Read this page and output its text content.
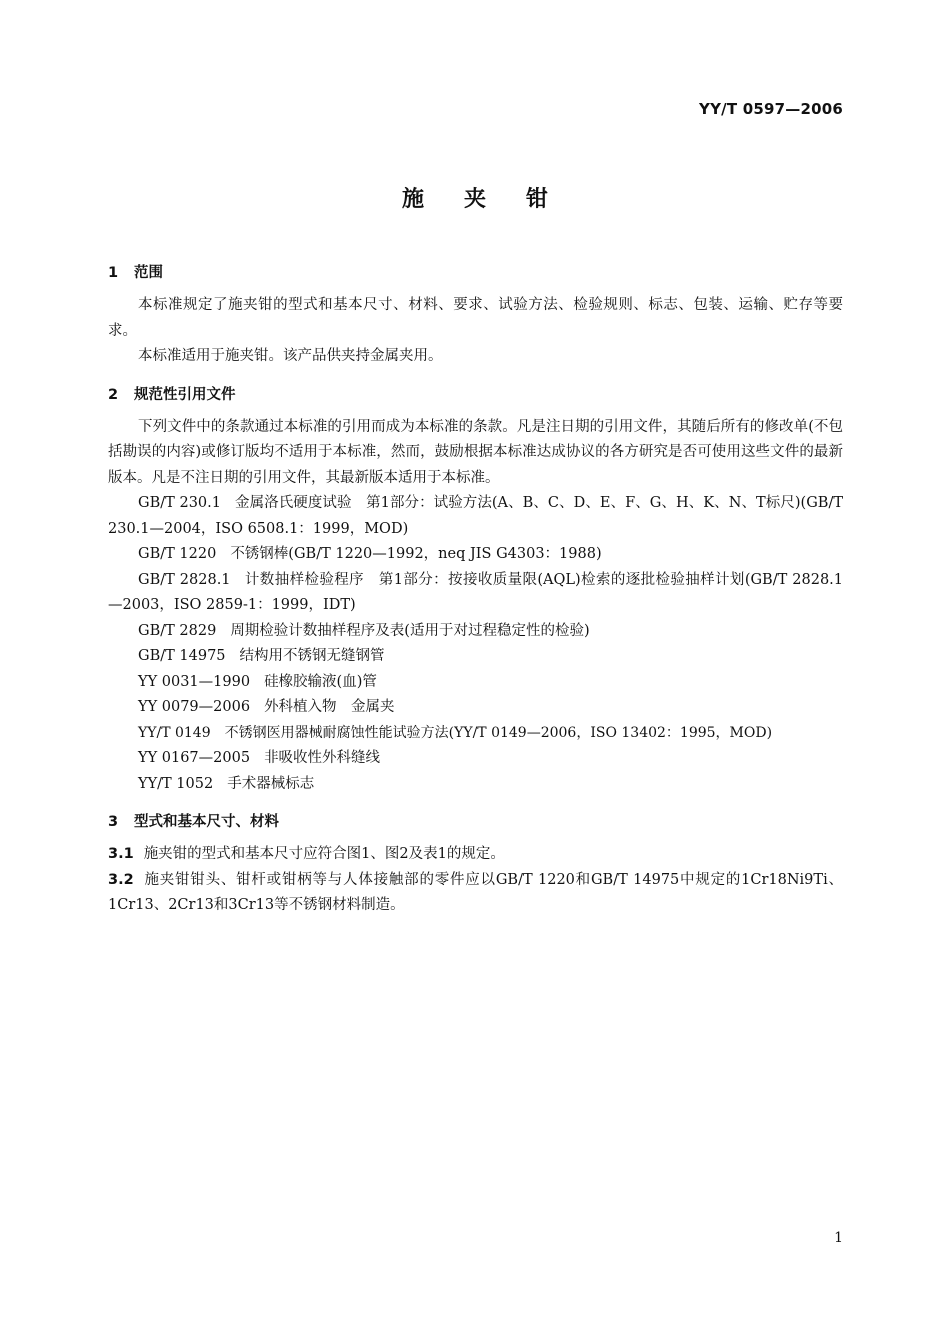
YY/T 0597—2006
施夹钳
1 范围
本标准规定了施夹钳的型式和基本尺寸、材料、要求、试验方法、检验规则、标志、包装、运输、贮存等要求。
本标准适用于施夹钳。该产品供夹持金属夹用。
2 规范性引用文件
下列文件中的条款通过本标准的引用而成为本标准的条款。凡是注日期的引用文件，其随后所有的修改单(不包括勘误的内容)或修订版均不适用于本标准，然而，鼓励根据本标准达成协议的各方研究是否可使用这些文件的最新版本。凡是不注日期的引用文件，其最新版本适用于本标准。
GB/T 230.1 金属洛氏硬度试验　第1部分：试验方法(A、B、C、D、E、F、G、H、K、N、T标尺)(GB/T 230.1—2004，ISO 6508.1：1999，MOD)
GB/T 1220 不锈钢棒(GB/T 1220—1992，neq JIS G4303：1988)
GB/T 2828.1 计数抽样检验程序　第1部分：按接收质量限(AQL)检索的逐批检验抽样计划(GB/T 2828.1—2003，ISO 2859-1：1999，IDT)
GB/T 2829 周期检验计数抽样程序及表(适用于对过程稳定性的检验)
GB/T 14975 结构用不锈钢无缝钢管
YY 0031—1990 硅橡胶输液(血)管
YY 0079—2006 外科植入物　金属夹
YY/T 0149 不锈钢医用器械耐腐蚀性能试验方法(YY/T 0149—2006，ISO 13402：1995，MOD)
YY 0167—2005 非吸收性外科缝线
YY/T 1052 手术器械标志
3 型式和基本尺寸、材料
3.1 施夹钳的型式和基本尺寸应符合图1、图2及表1的规定。
3.2 施夹钳钳头、钳杆或钳柄等与人体接触部的零件应以GB/T 1220和GB/T 14975中规定的1Cr18Ni9Ti、1Cr13、2Cr13和3Cr13等不锈钢材料制造。
1
